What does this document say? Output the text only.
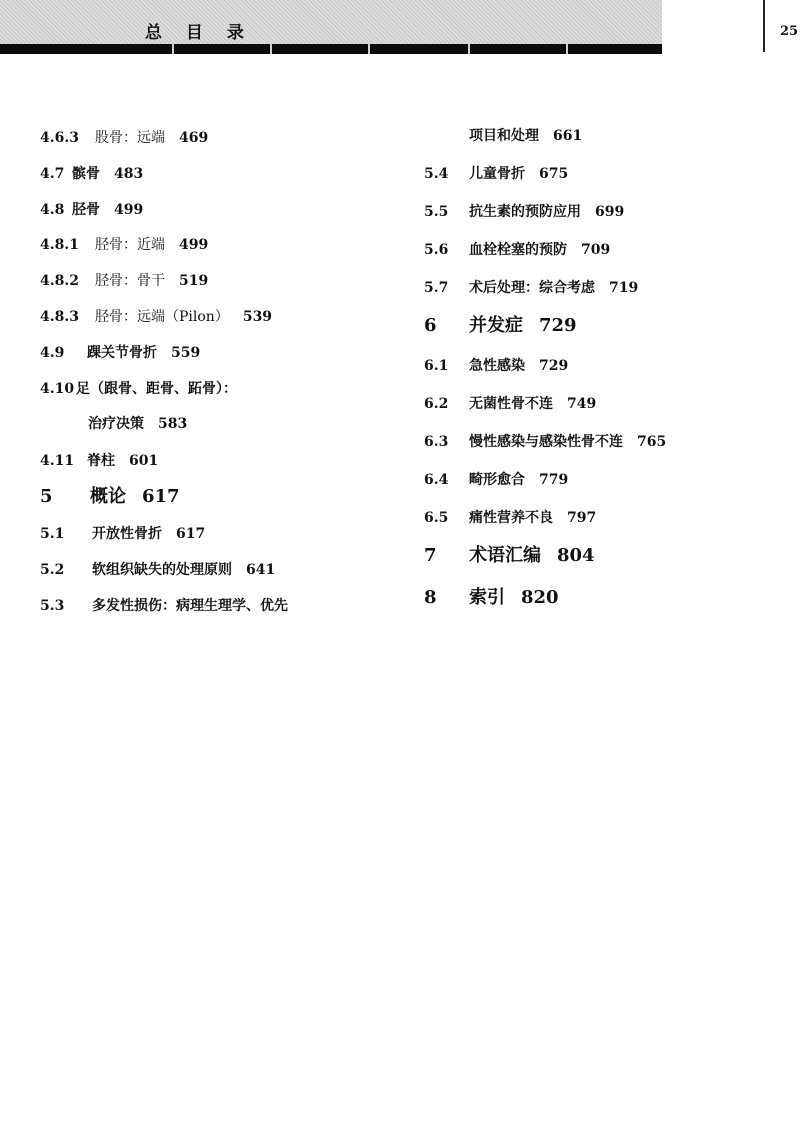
总 目 录	25
4.6.3 股骨：远端 469
4.7 髌骨 483
4.8 胫骨 499
4.8.1 胫骨：近端 499
4.8.2 胫骨：骨干 519
4.8.3 胫骨：远端（Pilon） 539
4.9 踝关节骨折 559
4.10 足（跟骨、距骨、跖骨）：
治疗决策 583
4.11 脊柱 601
5 概论 617
5.1 开放性骨折 617
5.2 软组织缺失的处理原则 641
5.3 多发性损伤：病理生理学、优先
项目和处理 661
5.4 儿童骨折 675
5.5 抗生素的预防应用 699
5.6 血栓栓塞的预防 709
5.7 术后处理：综合考虑 719
6 并发症 729
6.1 急性感染 729
6.2 无菌性骨不连 749
6.3 慢性感染与感染性骨不连 765
6.4 畸形愈合 779
6.5 痛性营养不良 797
7 术语汇编 804
8 索引 820
